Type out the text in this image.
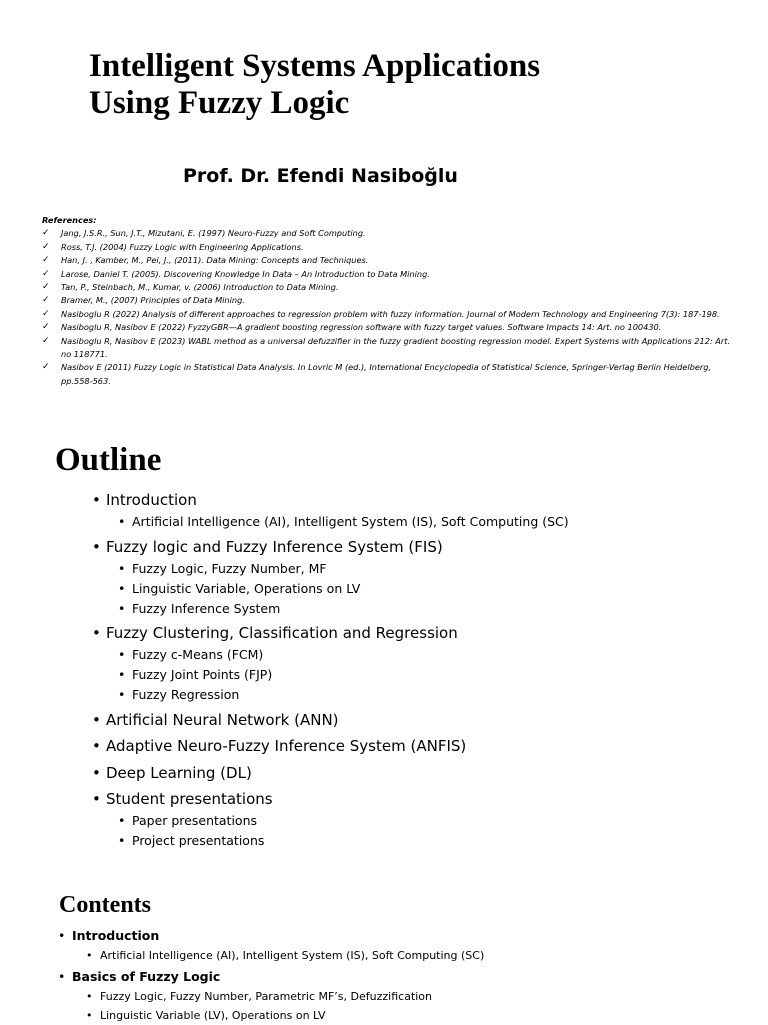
Intelligent Systems Applications
Using Fuzzy Logic
Prof. Dr. Efendi Nasiboğlu
References:
✓ Jang, J.S.R., Sun, J.T., Mizutani, E. (1997) Neuro-Fuzzy and Soft Computing.
✓ Ross, T.J. (2004) Fuzzy Logic with Engineering Applications.
✓ Han, J. , Kamber, M., Pei, J., (2011). Data Mining: Concepts and Techniques.
✓ Larose, Daniel T. (2005). Discovering Knowledge In Data – An Introduction to Data Mining.
✓ Tan, P., Steinbach, M., Kumar, v. (2006) Introduction to Data Mining.
✓ Bramer, M., (2007) Principles of Data Mining.
✓ Nasiboglu R (2022) Analysis of different approaches to regression problem with fuzzy information. Journal of Modern Technology and Engineering 7(3): 187-198.
✓ Nasiboglu R, Nasibov E (2022) FyzzyGBR—A gradient boosting regression software with fuzzy target values. Software Impacts 14: Art. no 100430.
✓ Nasiboglu R, Nasibov E (2023) WABL method as a universal defuzzifier in the fuzzy gradient boosting regression model. Expert Systems with Applications 212: Art. no 118771.
✓ Nasibov E (2011) Fuzzy Logic in Statistical Data Analysis. In Lovric M (ed.), International Encyclopedia of Statistical Science, Springer-Verlag Berlin Heidelberg, pp.558-563.
Outline
• Introduction
• Artificial Intelligence (AI), Intelligent System (IS), Soft Computing (SC)
• Fuzzy logic and Fuzzy Inference System (FIS)
• Fuzzy Logic, Fuzzy Number, MF
• Linguistic Variable, Operations on LV
• Fuzzy Inference System
• Fuzzy Clustering, Classification and Regression
• Fuzzy c-Means (FCM)
• Fuzzy Joint Points (FJP)
• Fuzzy Regression
• Artificial Neural Network (ANN)
• Adaptive Neuro-Fuzzy Inference System (ANFIS)
• Deep Learning (DL)
• Student presentations
• Paper presentations
• Project presentations
Contents
• Introduction
• Artificial Intelligence (AI), Intelligent System (IS), Soft Computing (SC)
• Basics of Fuzzy Logic
• Fuzzy Logic, Fuzzy Number, Parametric MF’s, Defuzzification
• Linguistic Variable (LV), Operations on LV
